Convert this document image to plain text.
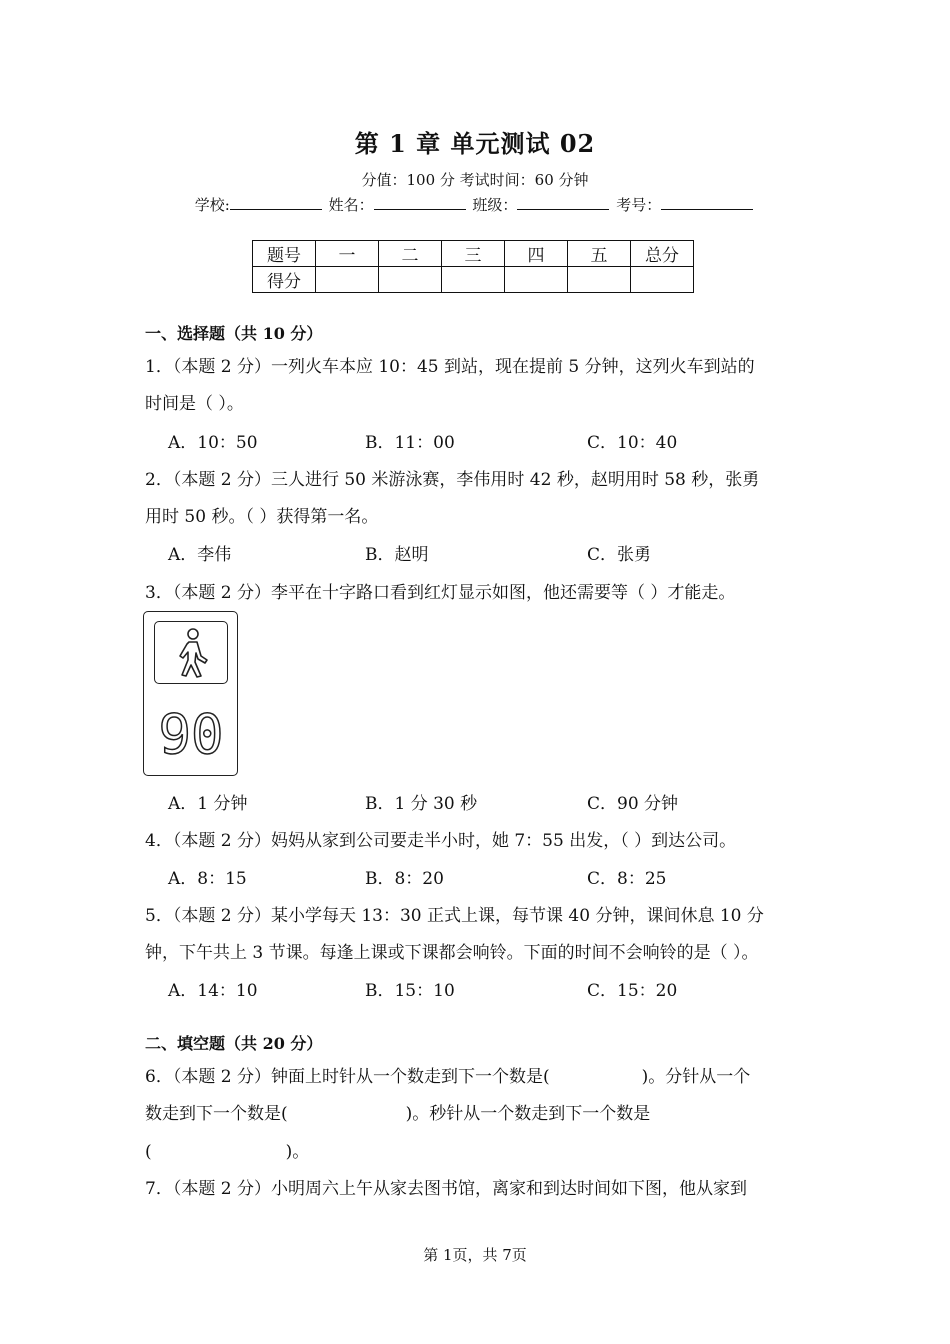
第 1 章 单元测试 02
分值：100 分 考试时间：60 分钟
学校:	姓名：	班级：	考号：
题号	一	二	三	四	五	总分
得分						
一、选择题（共 10 分）
1．（本题 2 分）一列火车本应 10：45 到站，现在提前 5 分钟，这列火车到站的
时间是（ ）。
A．10：50	B．11：00	C．10：40
2．（本题 2 分）三人进行 50 米游泳赛，李伟用时 42 秒，赵明用时 58 秒，张勇
用时 50 秒。（ ）获得第一名。
A．李伟	B．赵明	C．张勇
3．（本题 2 分）李平在十字路口看到红灯显示如图，他还需要等（ ）才能走。
90
A．1 分钟	B．1 分 30 秒	C．90 分钟
4．（本题 2 分）妈妈从家到公司要走半小时，她 7：55 出发，（ ）到达公司。
A．8：15	B．8：20	C．8：25
5．（本题 2 分）某小学每天 13：30 正式上课，每节课 40 分钟，课间休息 10 分
钟，下午共上 3 节课。每逢上课或下课都会响铃。下面的时间不会响铃的是（ ）。
A．14：10	B．15：10	C．15：20
二、填空题（共 20 分）
6．（本题 2 分）钟面上时针从一个数走到下一个数是(	)。分针从一个
数走到下一个数是(	)。秒针从一个数走到下一个数是
(	)。
7．（本题 2 分）小明周六上午从家去图书馆，离家和到达时间如下图，他从家到
第 1页，共 7页
